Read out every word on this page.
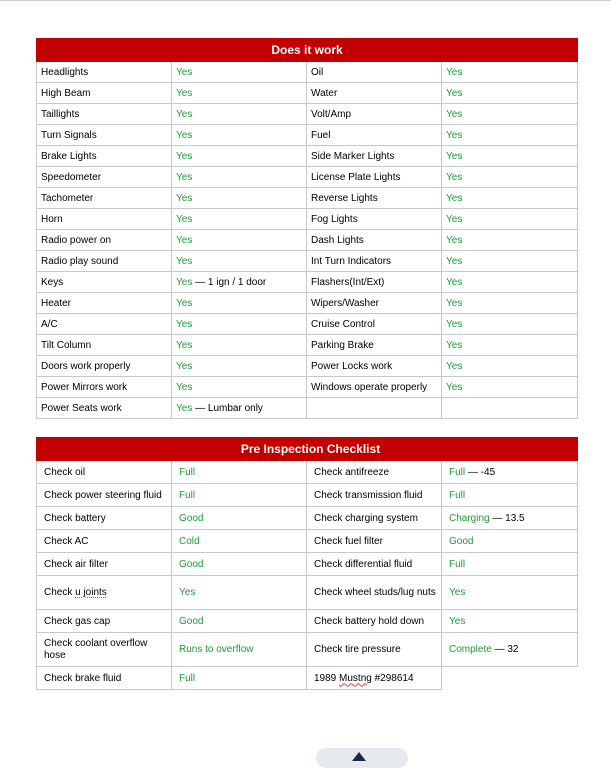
Does it work			
Headlights	Yes	Oil	Yes
High Beam	Yes	Water	Yes
Taillights	Yes	Volt/Amp	Yes
Turn Signals	Yes	Fuel	Yes
Brake Lights	Yes	Side Marker Lights	Yes
Speedometer	Yes	License Plate Lights	Yes
Tachometer	Yes	Reverse Lights	Yes
Horn	Yes	Fog Lights	Yes
Radio power on	Yes	Dash Lights	Yes
Radio play sound	Yes	Int Turn Indicators	Yes
Keys	Yes — 1 ign / 1 door	Flashers(Int/Ext)	Yes
Heater	Yes	Wipers/Washer	Yes
A/C	Yes	Cruise Control	Yes
Tilt Column	Yes	Parking Brake	Yes
Doors work properly	Yes	Power Locks work	Yes
Power Mirrors work	Yes	Windows operate properly	Yes
Power Seats work	Yes — Lumbar only		
Pre Inspection Checklist			
Check oil	Full	Check antifreeze	Full — -45
Check power steering fluid	Full	Check transmission fluid	Full
Check battery	Good	Check charging system	Charging — 13.5
Check AC	Cold	Check fuel filter	Good
Check air filter	Good	Check differential fluid	Full
Check u joints	Yes	Check wheel studs/lug nuts	Yes
Check gas cap	Good	Check battery hold down	Yes
Check coolant overflow hose	Runs to overflow	Check tire pressure	Complete — 32
Check brake fluid	Full	1989 Mustng #298614	
